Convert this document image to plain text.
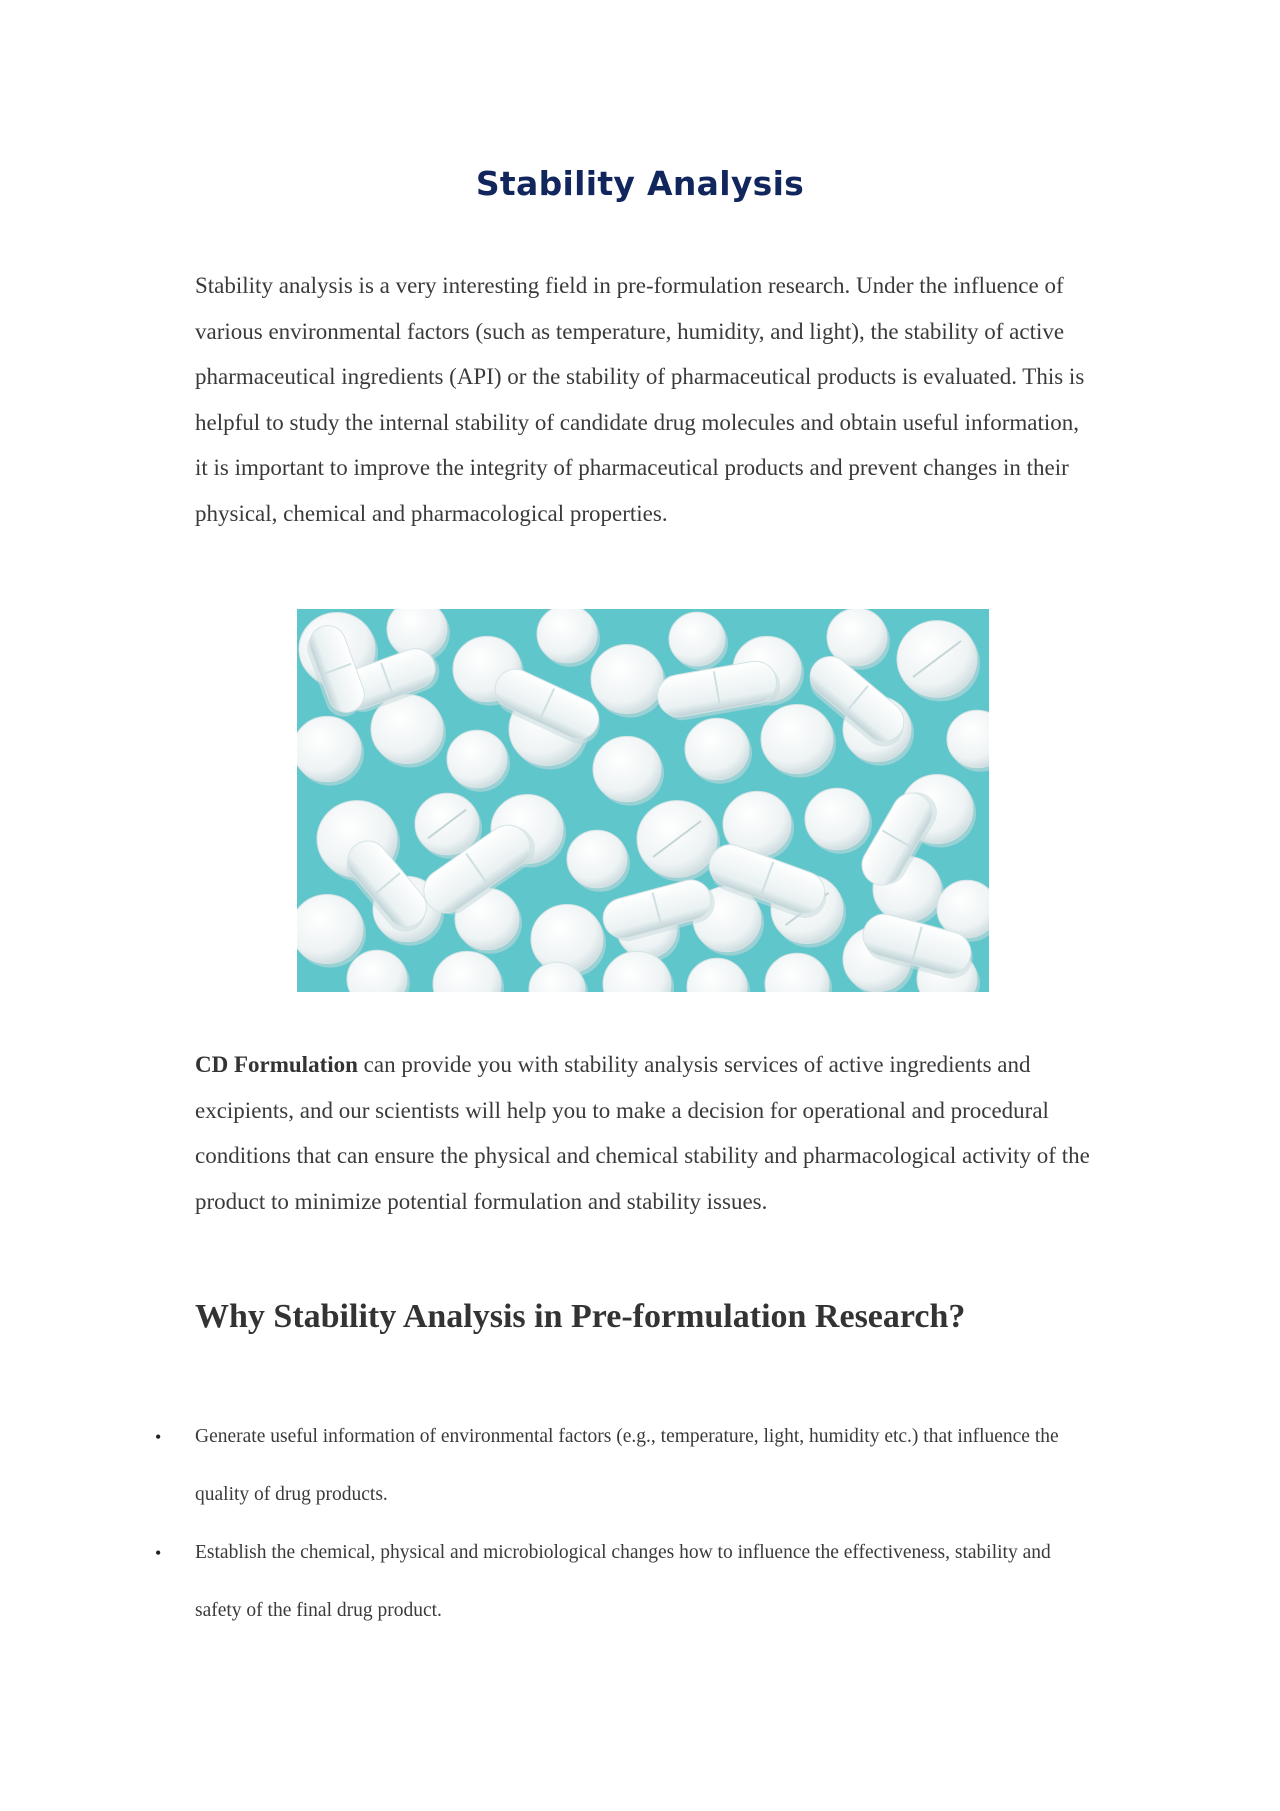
Stability Analysis

Stability analysis is a very interesting field in pre-formulation research. Under the influence of various environmental factors (such as temperature, humidity, and light), the stability of active pharmaceutical ingredients (API) or the stability of pharmaceutical products is evaluated. This is helpful to study the internal stability of candidate drug molecules and obtain useful information, it is important to improve the integrity of pharmaceutical products and prevent changes in their physical, chemical and pharmacological properties.

CD Formulation can provide you with stability analysis services of active ingredients and excipients, and our scientists will help you to make a decision for operational and procedural conditions that can ensure the physical and chemical stability and pharmacological activity of the product to minimize potential formulation and stability issues.

Why Stability Analysis in Pre-formulation Research?
• Generate useful information of environmental factors (e.g., temperature, light, humidity etc.) that influence the quality of drug products.
• Establish the chemical, physical and microbiological changes how to influence the effectiveness, stability and safety of the final drug product.
